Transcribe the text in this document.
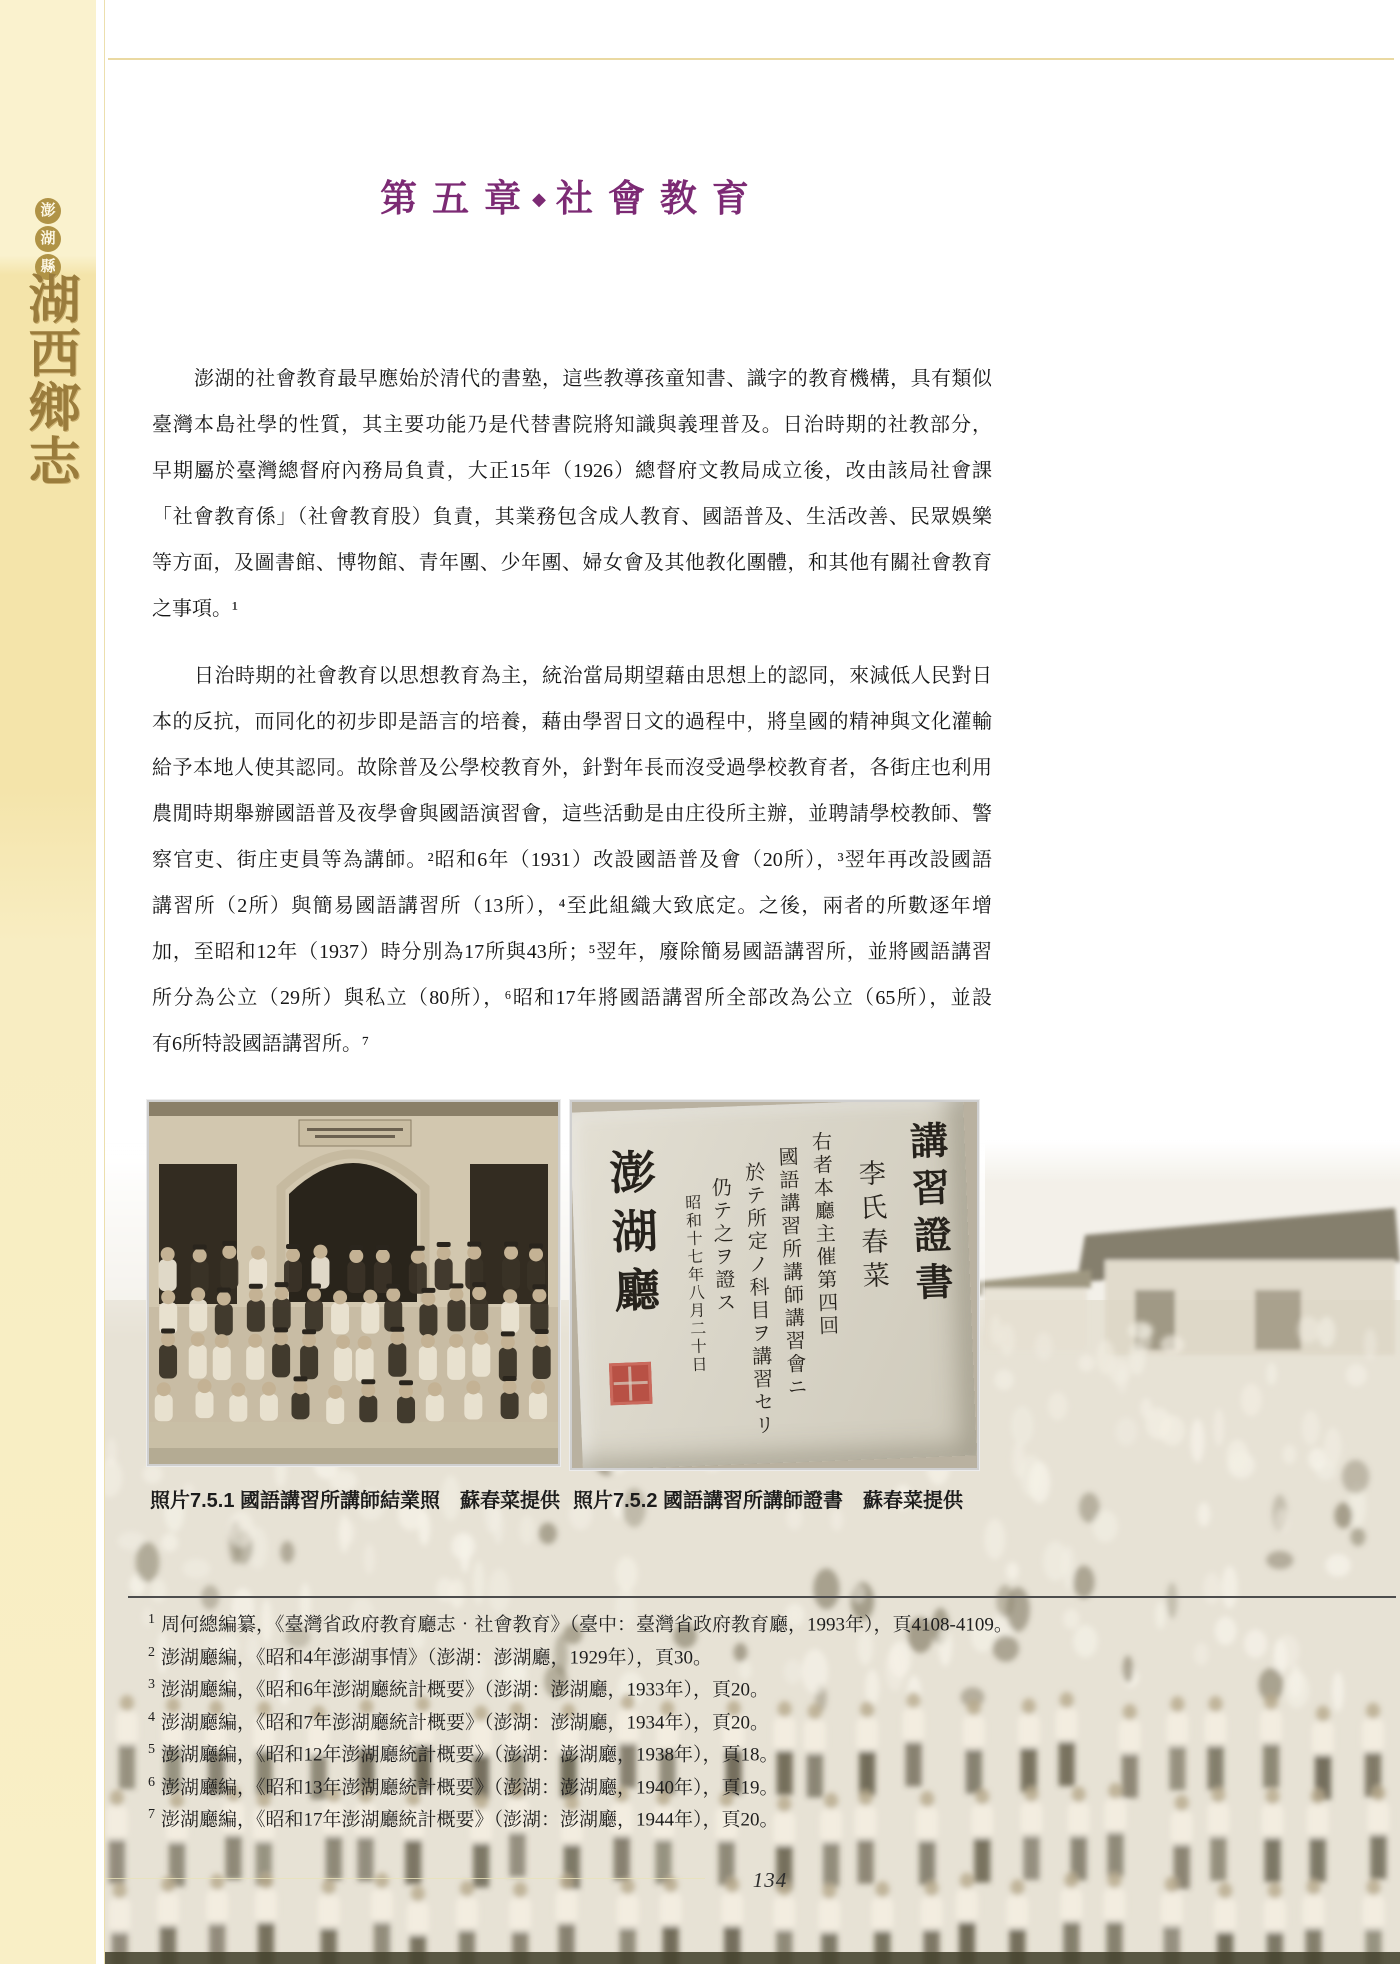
澎
湖
縣
湖西鄉志
第五章◆ 社會教育
澎湖的社會教育最早應始於清代的書塾，這些教導孩童知書、識字的教育機構，具有類似
臺灣本島社學的性質，其主要功能乃是代替書院將知識與義理普及。日治時期的社教部分，
早期屬於臺灣總督府內務局負責，大正15年（1926）總督府文教局成立後，改由該局社會課
「社會教育係」（社會教育股）負責，其業務包含成人教育、國語普及、生活改善、民眾娛樂
等方面，及圖書館、博物館、青年團、少年團、婦女會及其他教化團體，和其他有關社會教育
之事項。¹
日治時期的社會教育以思想教育為主，統治當局期望藉由思想上的認同，來減低人民對日
本的反抗，而同化的初步即是語言的培養，藉由學習日文的過程中，將皇國的精神與文化灌輸
給予本地人使其認同。故除普及公學校教育外，針對年長而沒受過學校教育者，各街庄也利用
農閒時期舉辦國語普及夜學會與國語演習會，這些活動是由庄役所主辦，並聘請學校教師、警
察官吏、街庄吏員等為講師。²昭和6年（1931）改設國語普及會（20所），³翌年再改設國語
講習所（2所）與簡易國語講習所（13所），⁴至此組織大致底定。之後，兩者的所數逐年增
加，至昭和12年（1937）時分別為17所與43所；⁵翌年，廢除簡易國語講習所，並將國語講習
所分為公立（29所）與私立（80所），⁶昭和17年將國語講習所全部改為公立（65所），並設
有6所特設國語講習所。⁷
照片7.5.1 國語講習所講師結業照　蘇春菜提供
講習證書
李氏春菜
右者本廳主催第四回
國語講習所講師講習會ニ
於テ所定ノ科目ヲ講習セリ
仍テ之ヲ證ス
昭和十七年八月二十日
澎湖廳
照片7.5.2 國語講習所講師證書　蘇春菜提供
$^1$ 周何總編纂，《臺灣省政府教育廳志‧社會教育》（臺中：臺灣省政府教育廳，1993年），頁4108-4109。
$^2$ 澎湖廳編，《昭和4年澎湖事情》（澎湖：澎湖廳，1929年），頁30。
$^3$ 澎湖廳編，《昭和6年澎湖廳統計概要》（澎湖：澎湖廳，1933年），頁20。
$^4$ 澎湖廳編，《昭和7年澎湖廳統計概要》（澎湖：澎湖廳，1934年），頁20。
$^5$ 澎湖廳編，《昭和12年澎湖廳統計概要》（澎湖：澎湖廳，1938年），頁18。
$^6$ 澎湖廳編，《昭和13年澎湖廳統計概要》（澎湖：澎湖廳，1940年），頁19。
$^7$ 澎湖廳編，《昭和17年澎湖廳統計概要》（澎湖：澎湖廳，1944年），頁20。
134
